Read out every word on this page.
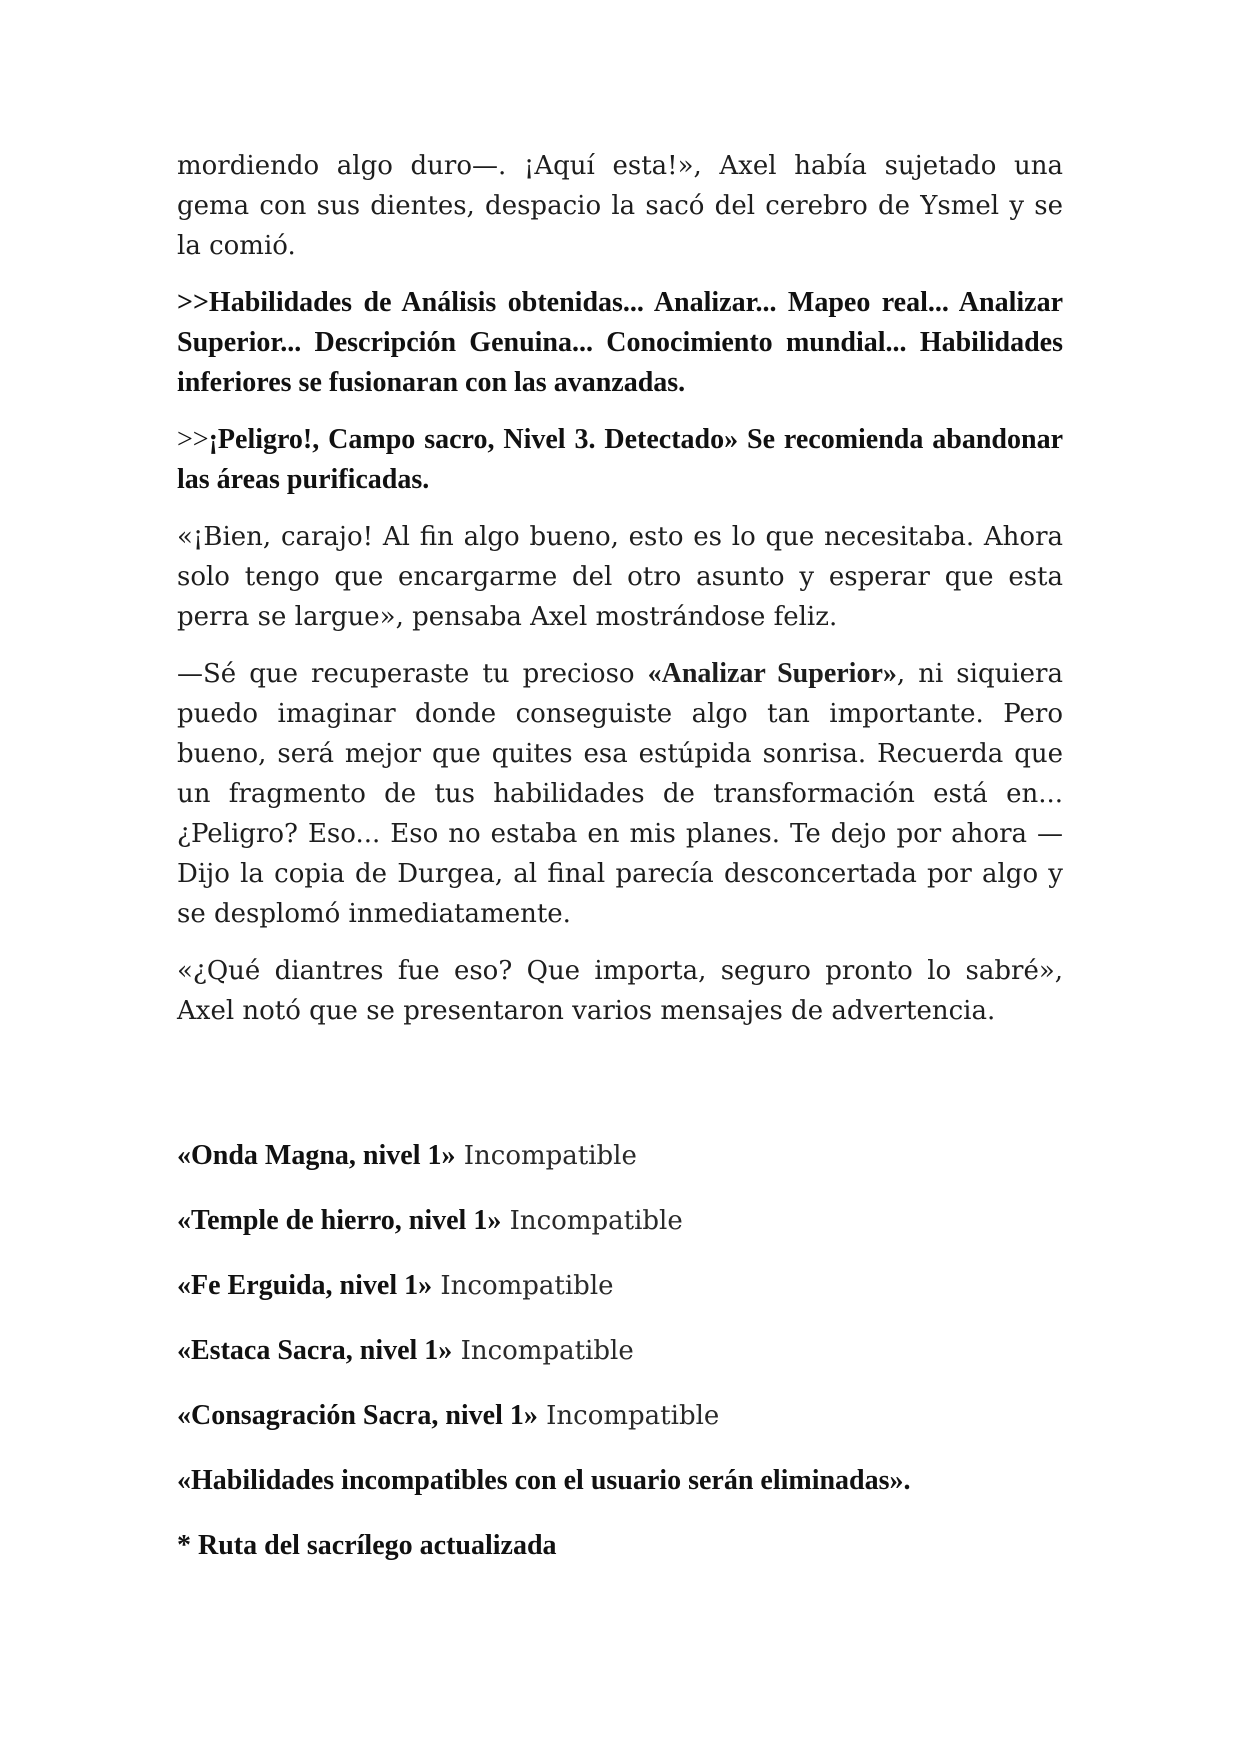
mordiendo algo duro—. ¡Aquí esta!», Axel había sujetado una gema con sus dientes, despacio la sacó del cerebro de Ysmel y se la comió.

>>Habilidades de Análisis obtenidas... Analizar... Mapeo real... Analizar Superior... Descripción Genuina... Conocimiento mundial... Habilidades inferiores se fusionaran con las avanzadas.

>>¡Peligro!, Campo sacro, Nivel 3. Detectado» Se recomienda abandonar las áreas purificadas.

«¡Bien, carajo! Al fin algo bueno, esto es lo que necesitaba. Ahora solo tengo que encargarme del otro asunto y esperar que esta perra se largue», pensaba Axel mostrándose feliz.

—Sé que recuperaste tu precioso «Analizar Superior», ni siquiera puedo imaginar donde conseguiste algo tan importante. Pero bueno, será mejor que quites esa estúpida sonrisa. Recuerda que un fragmento de tus habilidades de transformación está en... ¿Peligro? Eso... Eso no estaba en mis planes. Te dejo por ahora —Dijo la copia de Durgea, al final parecía desconcertada por algo y se desplomó inmediatamente.

«¿Qué diantres fue eso? Que importa, seguro pronto lo sabré», Axel notó que se presentaron varios mensajes de advertencia.

«Onda Magna, nivel 1» Incompatible
«Temple de hierro, nivel 1» Incompatible
«Fe Erguida, nivel 1» Incompatible
«Estaca Sacra, nivel 1» Incompatible
«Consagración Sacra, nivel 1» Incompatible
«Habilidades incompatibles con el usuario serán eliminadas».
* Ruta del sacrílego actualizada
